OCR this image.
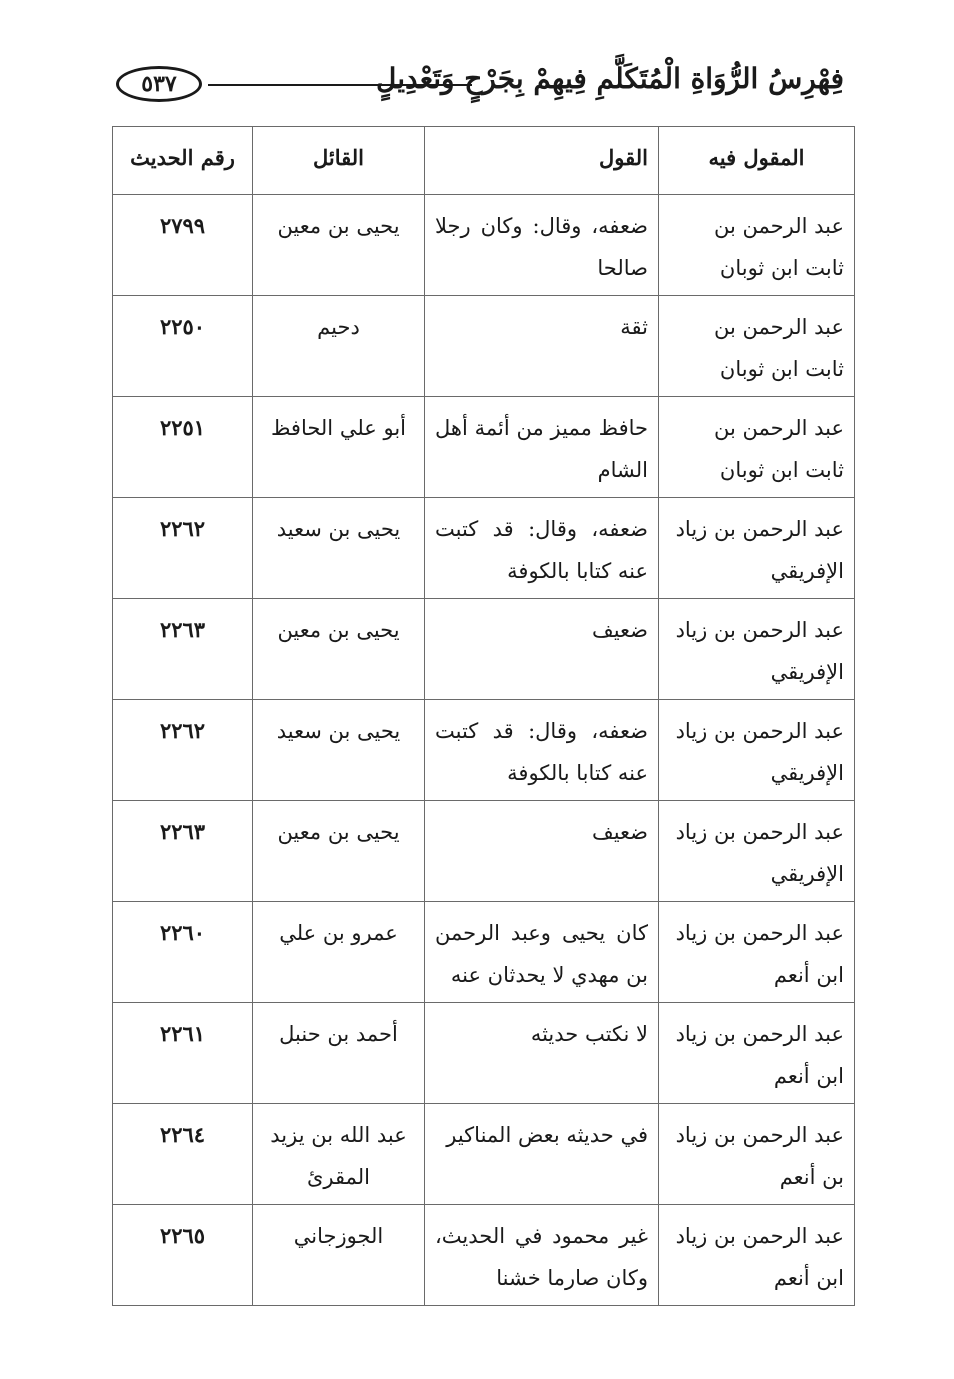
٥٣٧	فِهْرِسُ الرُّوَاةِ الْمُتَكَلَّمِ فِيهِمْ بِجَرْحٍ وَتَعْدِيلٍ
المقول فيه	القول	القائل	رقم الحديث
عبد الرحمن بن ثابت ابن ثوبان	ضعفه، وقال: وكان رجلا صالحا	يحيى بن معين	٢٧٩٩
عبد الرحمن بن ثابت ابن ثوبان	ثقة	دحيم	٢٢٥٠
عبد الرحمن بن ثابت ابن ثوبان	حافظ مميز من أئمة أهل الشام	أبو علي الحافظ	٢٢٥١
عبد الرحمن بن زياد الإفريقي	ضعفه، وقال: قد كتبت عنه كتابا بالكوفة	يحيى بن سعيد	٢٢٦٢
عبد الرحمن بن زياد الإفريقي	ضعيف	يحيى بن معين	٢٢٦٣
عبد الرحمن بن زياد الإفريقي	ضعفه، وقال: قد كتبت عنه كتابا بالكوفة	يحيى بن سعيد	٢٢٦٢
عبد الرحمن بن زياد الإفريقي	ضعيف	يحيى بن معين	٢٢٦٣
عبد الرحمن بن زياد ابن أنعم	كان يحيى وعبد الرحمن بن مهدي لا يحدثان عنه	عمرو بن علي	٢٢٦٠
عبد الرحمن بن زياد ابن أنعم	لا نكتب حديثه	أحمد بن حنبل	٢٢٦١
عبد الرحمن بن زياد بن أنعم	في حديثه بعض المناكير	عبد الله بن يزيد المقرئ	٢٢٦٤
عبد الرحمن بن زياد ابن أنعم	غير محمود في الحديث، وكان صارما خشنا	الجوزجاني	٢٢٦٥
